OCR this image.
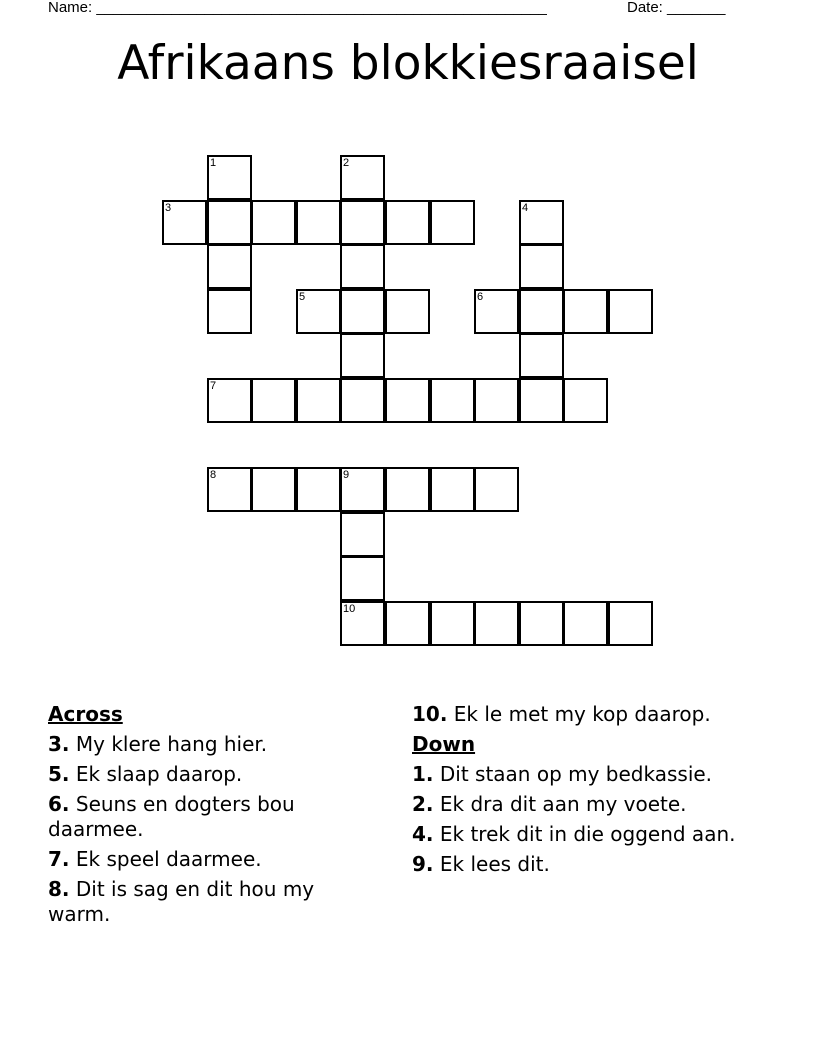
Name: ______________________________________________________	Date: _______
Afrikaans blokkiesraaisel
1	2
3	4
5	6
7
8	9
10
Across
3. My klere hang hier.
5. Ek slaap daarop.
6. Seuns en dogters bou daarmee.
7. Ek speel daarmee.
8. Dit is sag en dit hou my warm.
10. Ek le met my kop daarop.
Down
1. Dit staan op my bedkassie.
2. Ek dra dit aan my voete.
4. Ek trek dit in die oggend aan.
9. Ek lees dit.
